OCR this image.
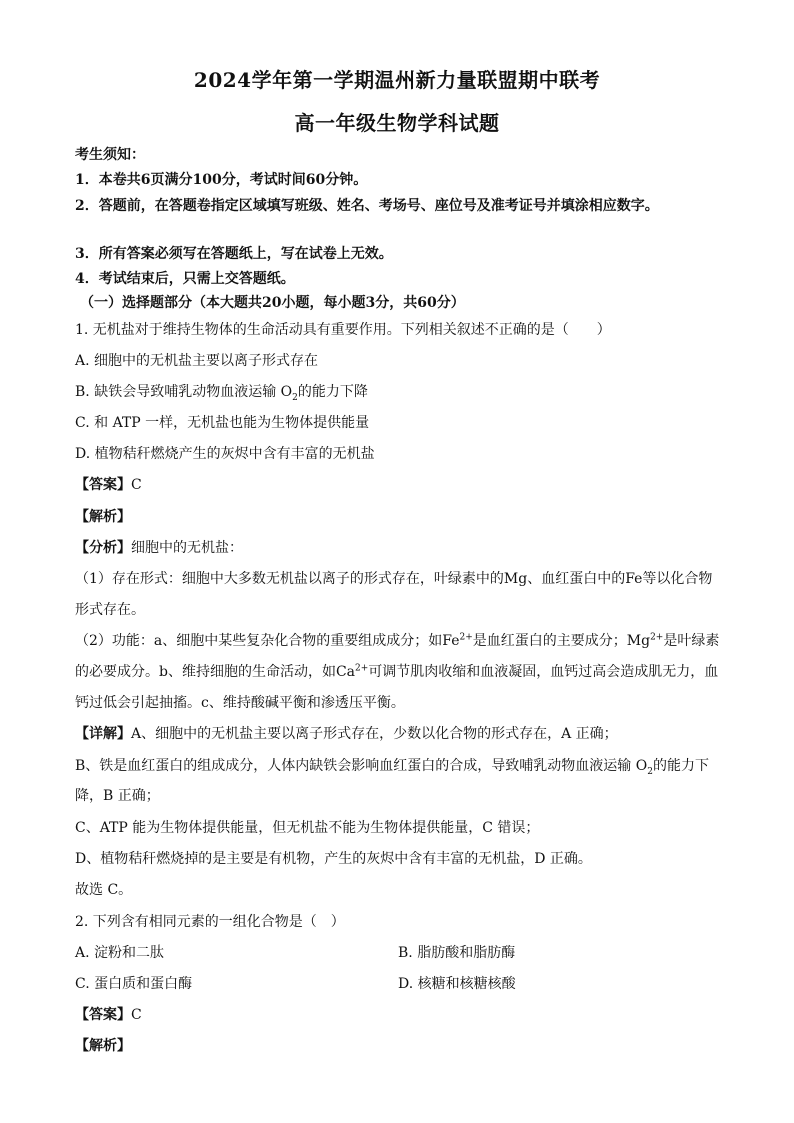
2024学年第一学期温州新力量联盟期中联考
高一年级生物学科试题
考生须知：
1．本卷共6页满分100分，考试时间60分钟。
2．答题前，在答题卷指定区域填写班级、姓名、考场号、座位号及准考证号并填涂相应数字。
3．所有答案必须写在答题纸上，写在试卷上无效。
4．考试结束后，只需上交答题纸。
（一）选择题部分（本大题共20小题，每小题3分，共60分）
1. 无机盐对于维持生物体的生命活动具有重要作用。下列相关叙述不正确的是（　　）
A. 细胞中的无机盐主要以离子形式存在
B. 缺铁会导致哺乳动物血液运输 $O_2$的能力下降
C. 和 ATP 一样，无机盐也能为生物体提供能量
D. 植物秸秆燃烧产生的灰烬中含有丰富的无机盐
【答案】C
【解析】
【分析】细胞中的无机盐：
（1）存在形式：细胞中大多数无机盐以离子的形式存在，叶绿素中的Mg、血红蛋白中的Fe等以化合物
形式存在。
（2）功能：a、细胞中某些复杂化合物的重要组成成分；如$Fe^{2+}$是血红蛋白的主要成分；$Mg^{2+}$是叶绿素
的必要成分。b、维持细胞的生命活动，如$Ca^{2+}$可调节肌肉收缩和血液凝固，血钙过高会造成肌无力，血
钙过低会引起抽搐。c、维持酸碱平衡和渗透压平衡。
【详解】A、细胞中的无机盐主要以离子形式存在，少数以化合物的形式存在，A 正确；
B、铁是血红蛋白的组成成分，人体内缺铁会影响血红蛋白的合成，导致哺乳动物血液运输 $O_2$的能力下
降，B 正确；
C、ATP 能为生物体提供能量，但无机盐不能为生物体提供能量，C 错误；
D、植物秸秆燃烧掉的是主要是有机物，产生的灰烬中含有丰富的无机盐，D 正确。
故选 C。
2. 下列含有相同元素的一组化合物是（　）
A. 淀粉和二肽	B. 脂肪酸和脂肪酶
C. 蛋白质和蛋白酶	D. 核糖和核糖核酸
【答案】C
【解析】
